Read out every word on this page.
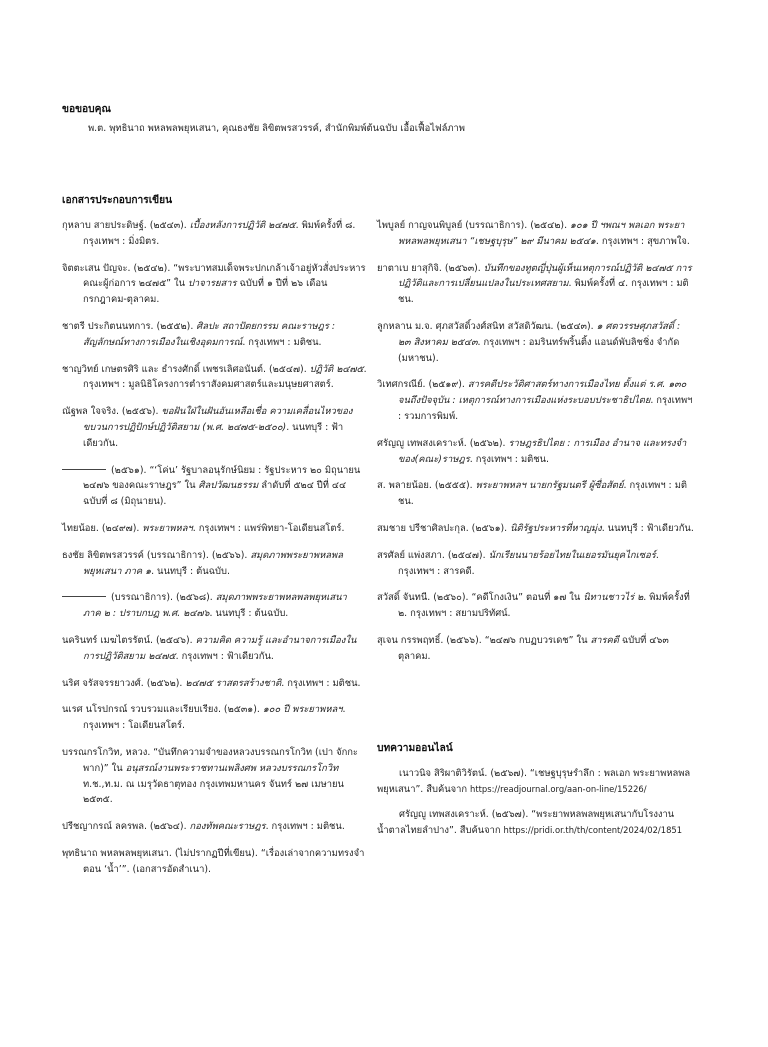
ขอขอบคุณ

พ.ต. พุทธินาถ พหลพลพยุหเสนา, คุณธงชัย ลิขิตพรสวรรค์, สำนักพิมพ์ต้นฉบับ เอื้อเฟื้อไฟล์ภาพ

เอกสารประกอบการเขียน

กุหลาบ สายประดิษฐ์. (๒๕๔๓). เบื้องหลังการปฏิวัติ ๒๔๗๕. พิมพ์ครั้งที่ ๘. กรุงเทพฯ : มิ่งมิตร.

จิตตะเสน ปัญจะ. (๒๕๔๒). “พระบาทสมเด็จพระปกเกล้าเจ้าอยู่หัวสั่งประหารคณะผู้ก่อการ ๒๔๗๕” ใน ปาจารยสาร ฉบับที่ ๑ ปีที่ ๒๖ เดือนกรกฎาคม-ตุลาคม.

ชาตรี ประกิตนนทการ. (๒๕๕๒). ศิลปะ สถาปัตยกรรม คณะราษฎร : สัญลักษณ์ทางการเมืองในเชิงอุดมการณ์. กรุงเทพฯ : มติชน.

ชาญวิทย์ เกษตรศิริ และ ธำรงศักดิ์ เพชรเลิศอนันต์. (๒๕๔๗). ปฏิวัติ ๒๔๗๕. กรุงเทพฯ : มูลนิธิโครงการตำราสังคมศาสตร์และมนุษยศาสตร์.

ณัฐพล ใจจริง. (๒๕๕๖). ขอฝันใฝ่ในฝันอันเหลือเชื่อ ความเคลื่อนไหวของขบวนการปฏิปักษ์ปฏิวัติสยาม (พ.ศ. ๒๔๗๕-๒๕๐๐). นนทบุรี : ฟ้าเดียวกัน.

(๒๕๖๑). “‘โค่น’ รัฐบาลอนุรักษ์นิยม : รัฐประหาร ๒๐ มิถุนายน ๒๔๗๖ ของคณะราษฎร” ใน ศิลปวัฒนธรรม ลำดับที่ ๕๒๔ ปีที่ ๔๔ ฉบับที่ ๘ (มิถุนายน).

ไทยน้อย. (๒๔๙๗). พระยาพหลฯ. กรุงเทพฯ : แพร่พิทยา-โอเดียนสโตร์.

ธงชัย ลิขิตพรสวรรค์ (บรรณาธิการ). (๒๕๖๖). สมุดภาพพระยาพหลพลพยุหเสนา ภาค ๑. นนทบุรี : ต้นฉบับ.

(บรรณาธิการ). (๒๕๖๘). สมุดภาพพระยาพหลพลพยุหเสนา ภาค ๒ : ปราบกบฏ พ.ศ. ๒๔๗๖. นนทบุรี : ต้นฉบับ.

นครินทร์ เมฆไตรรัตน์. (๒๕๔๖). ความคิด ความรู้ และอำนาจการเมืองในการปฏิวัติสยาม ๒๔๗๕. กรุงเทพฯ : ฟ้าเดียวกัน.

นริศ จรัสจรรยาวงศ์. (๒๕๖๒). ๒๔๗๕ ราสตรสร้างชาติ. กรุงเทพฯ : มติชน.

นเรศ นโรปกรณ์ รวบรวมและเรียบเรียง. (๒๕๓๑). ๑๐๐ ปี พระยาพหลฯ. กรุงเทพฯ : โอเดียนสโตร์.

บรรณกรโกวิท, หลวง. “บันทึกความจำของหลวงบรรณกรโกวิท (เปา จักกะพาก)” ใน อนุสรณ์งานพระราชทานเพลิงศพ หลวงบรรณกรโกวิท ท.ช.,ท.ม. ณ เมรุวัดธาตุทอง กรุงเทพมหานคร จันทร์ ๒๗ เมษายน ๒๕๓๕.

ปรีชญากรณ์ ลครพล. (๒๕๖๔). กองทัพคณะราษฎร. กรุงเทพฯ : มติชน.

พุทธินาถ พหลพลพยุหเสนา. (ไม่ปรากฏปีที่เขียน). “เรื่องเล่าจากความทรงจำ ตอน ‘น้ำ’”. (เอกสารอัดสำเนา).

ไพบูลย์ กาญจนพิบูลย์ (บรรณาธิการ). (๒๕๔๒). ๑๐๑ ปี ฯพณฯ พลเอก พระยาพหลพลพยุหเสนา “เชษฐบุรุษ” ๒๙ มีนาคม ๒๕๔๑. กรุงเทพฯ : สุขภาพใจ.

ยาตาเบ ยาสุกิจิ. (๒๕๖๓). บันทึกของทูตญี่ปุ่นผู้เห็นเหตุการณ์ปฏิวัติ ๒๔๗๕ การปฏิวัติและการเปลี่ยนแปลงในประเทศสยาม. พิมพ์ครั้งที่ ๔. กรุงเทพฯ : มติชน.

ลูกหลาน ม.จ. ศุภสวัสดิ์วงศ์สนิท สวัสดิวัฒน. (๒๕๔๓). ๑ ศตวรรษศุภสวัสดิ์ : ๒๓ สิงหาคม ๒๕๔๓. กรุงเทพฯ : อมรินทร์พริ้นติ้ง แอนด์พับลิชชิ่ง จำกัด (มหาชน).

วิเทศกรณีย์. (๒๕๑๙). สารคดีประวัติศาสตร์ทางการเมืองไทย ตั้งแต่ ร.ศ. ๑๓๐ จนถึงปัจจุบัน : เหตุการณ์ทางการเมืองแห่งระบอบประชาธิปไตย. กรุงเทพฯ : รวมการพิมพ์.

ศรัญญู เทพสงเคราะห์. (๒๕๖๒). ราษฎรธิปไตย : การเมือง อำนาจ และทรงจำของ(คณะ)ราษฎร. กรุงเทพฯ : มติชน.

ส. พลายน้อย. (๒๕๕๕). พระยาพหลฯ นายกรัฐมนตรี ผู้ซื่อสัตย์. กรุงเทพฯ : มติชน.

สมชาย ปรีชาศิลปะกุล. (๒๕๖๑). นิติรัฐประหารที่หาญมุ่ง. นนทบุรี : ฟ้าเดียวกัน.

สรศัลย์ แพ่งสภา. (๒๕๔๗). นักเรียนนายร้อยไทยในเยอรมันยุคไกเซอร์. กรุงเทพฯ : สารคดี.

สวัสดิ์ จันทนี. (๒๕๖๐). “คดีโกงเงิน” ตอนที่ ๑๗ ใน นิทานชาวไร่ ๒. พิมพ์ครั้งที่ ๒. กรุงเทพฯ : สยามปริทัศน์.

สุเจน กรรพฤทธิ์. (๒๕๖๖). “๒๔๗๖ กบฏบวรเดช” ใน สารคดี ฉบับที่ ๔๖๓ ตุลาคม.

บทความออนไลน์

เนาวนิจ สิริผาติวิรัตน์. (๒๕๖๗). “เชษฐบุรุษรำลึก : พลเอก พระยาพหลพลพยุหเสนา”. สืบค้นจาก https://readjournal.org/aan-on-line/15226/

ศรัญญู เทพสงเคราะห์. (๒๕๖๗). “พระยาพหลพลพยุหเสนากับโรงงานน้ำตาลไทยลำปาง”. สืบค้นจาก https://pridi.or.th/th/content/2024/02/1851
